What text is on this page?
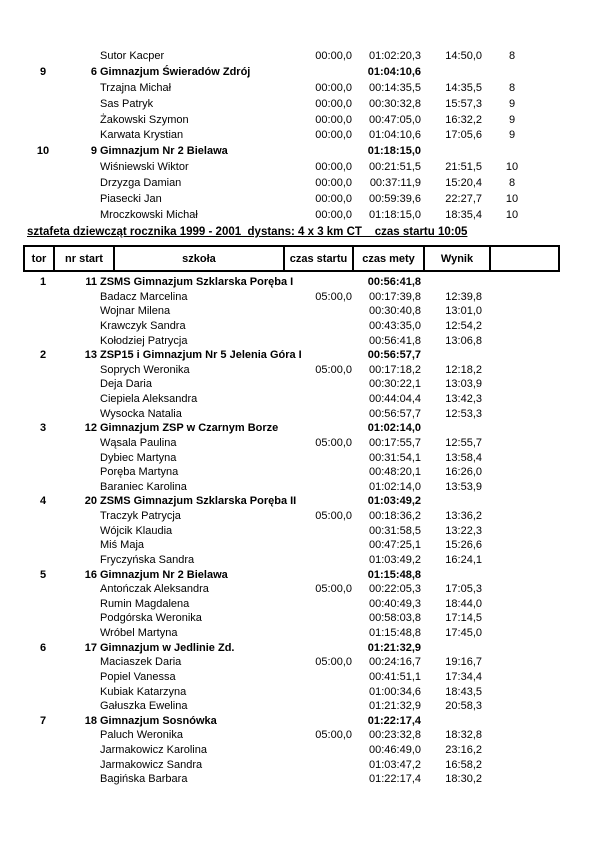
Sutor Kacper	00:00,0	01:02:20,3	14:50,0	8
9	6 Gimnazjum Świeradów Zdrój	01:04:10,6
Trzajna Michał	00:00,0	00:14:35,5	14:35,5	8
Sas Patryk	00:00,0	00:30:32,8	15:57,3	9
Żakowski Szymon	00:00,0	00:47:05,0	16:32,2	9
Karwata Krystian	00:00,0	01:04:10,6	17:05,6	9
10	9 Gimnazjum Nr 2 Bielawa	01:18:15,0
Wiśniewski Wiktor	00:00,0	00:21:51,5	21:51,5	10
Drzyzga Damian	00:00,0	00:37:11,9	15:20,4	8
Piasecki Jan	00:00,0	00:59:39,6	22:27,7	10
Mroczkowski Michał	00:00,0	01:18:15,0	18:35,4	10
sztafeta dziewcząt rocznika 1999 - 2001  dystans: 4 x 3 km CT    czas startu 10:05
tor	nr start	szkoła	czas startu	czas mety	Wynik
1	11 ZSMS Gimnazjum Szklarska Poręba I	00:56:41,8
Badacz Marcelina	05:00,0	00:17:39,8	12:39,8
Wojnar Milena	00:30:40,8	13:01,0
Krawczyk Sandra	00:43:35,0	12:54,2
Kołodziej Patrycja	00:56:41,8	13:06,8
2	13 ZSP15 i Gimnazjum Nr 5 Jelenia Góra I	00:56:57,7
Soprych Weronika	05:00,0	00:17:18,2	12:18,2
Deja Daria	00:30:22,1	13:03,9
Ciepiela Aleksandra	00:44:04,4	13:42,3
Wysocka Natalia	00:56:57,7	12:53,3
3	12 Gimnazjum ZSP w Czarnym Borze	01:02:14,0
Wąsala Paulina	05:00,0	00:17:55,7	12:55,7
Dybiec Martyna	00:31:54,1	13:58,4
Poręba Martyna	00:48:20,1	16:26,0
Baraniec Karolina	01:02:14,0	13:53,9
4	20 ZSMS Gimnazjum Szklarska Poręba II	01:03:49,2
Traczyk Patrycja	05:00,0	00:18:36,2	13:36,2
Wójcik Klaudia	00:31:58,5	13:22,3
Miś Maja	00:47:25,1	15:26,6
Fryczyńska Sandra	01:03:49,2	16:24,1
5	16 Gimnazjum Nr 2 Bielawa	01:15:48,8
Antończak Aleksandra	05:00,0	00:22:05,3	17:05,3
Rumin Magdalena	00:40:49,3	18:44,0
Podgórska Weronika	00:58:03,8	17:14,5
Wróbel Martyna	01:15:48,8	17:45,0
6	17 Gimnazjum w Jedlinie Zd.	01:21:32,9
Maciaszek Daria	05:00,0	00:24:16,7	19:16,7
Popiel Vanessa	00:41:51,1	17:34,4
Kubiak Katarzyna	01:00:34,6	18:43,5
Gałuszka Ewelina	01:21:32,9	20:58,3
7	18 Gimnazjum Sosnówka	01:22:17,4
Paluch Weronika	05:00,0	00:23:32,8	18:32,8
Jarmakowicz Karolina	00:46:49,0	23:16,2
Jarmakowicz Sandra	01:03:47,2	16:58,2
Bagińska Barbara	01:22:17,4	18:30,2
